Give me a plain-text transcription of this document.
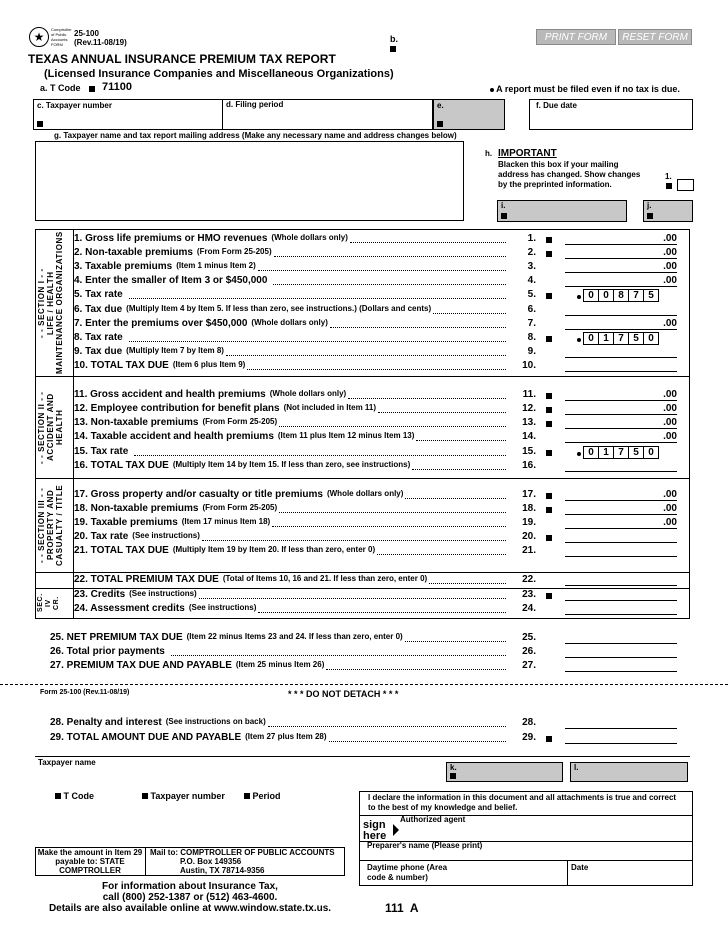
★
Comptroller of Public Accounts FORM
25-100
(Rev.11-08/19)	b.	PRINT FORM	RESET FORM
TEXAS ANNUAL INSURANCE PREMIUM TAX REPORT
(Licensed Insurance Companies and Miscellaneous Organizations)
a. T Code 71100	A report must be filed even if no tax is due.
c. Taxpayer number	d. Filing period	e.	f. Due date
g. Taxpayer name and tax report mailing address (Make any necessary name and address changes below)
h. IMPORTANT
Blacken this box if your mailing address has changed. Show changes by the preprinted information.
1.
i.	j.
- - SECTION I - -
LIFE / HEALTH
MAINTENANCE ORGANIZATIONS
- - SECTION II - -
ACCIDENT AND
HEALTH
- - SECTION III - -
PROPERTY AND
CASUALTY / TITLE
SEC.
IV
CR.
1. Gross life premiums or HMO revenues (Whole dollars only)	1.	.00
2. Non-taxable premiums (From Form 25-205)	2.	.00
3. Taxable premiums (Item 1 minus Item 2)	3.	.00
4. Enter the smaller of Item 3 or $450,000	4.	.00
5. Tax rate	5.	0 0 8 7 5
6. Tax due (Multiply Item 4 by Item 5. If less than zero, see instructions.) (Dollars and cents)	6.
7. Enter the premiums over $450,000 (Whole dollars only)	7.	.00
8. Tax rate	8.	0 1 7 5 0
9. Tax due (Multiply Item 7 by Item 8)	9.
10. TOTAL TAX DUE (Item 6 plus Item 9)	10.
11. Gross accident and health premiums (Whole dollars only)	11.	.00
12. Employee contribution for benefit plans (Not included in Item 11)	12.	.00
13. Non-taxable premiums (From Form 25-205)	13.	.00
14. Taxable accident and health premiums (Item 11 plus Item 12 minus Item 13)	14.	.00
15. Tax rate	15.	0 1 7 5 0
16. TOTAL TAX DUE (Multiply Item 14 by Item 15. If less than zero, see instructions)	16.
17. Gross property and/or casualty or title premiums (Whole dollars only)	17.	.00
18. Non-taxable premiums (From Form 25-205)	18.	.00
19. Taxable premiums (Item 17 minus Item 18)	19.	.00
20. Tax rate (See instructions)	20.
21. TOTAL TAX DUE (Multiply Item 19 by Item 20. If less than zero, enter 0)	21.
22. TOTAL PREMIUM TAX DUE (Total of Items 10, 16 and 21. If less than zero, enter 0)	22.
23. Credits (See instructions)	23.
24. Assessment credits (See instructions)	24.
25. NET PREMIUM TAX DUE (Item 22 minus Items 23 and 24. If less than zero, enter 0)	25.
26. Total prior payments	26.
27. PREMIUM TAX DUE AND PAYABLE (Item 25 minus Item 26)	27.
28. Penalty and interest (See instructions on back)	28.
29. TOTAL AMOUNT DUE AND PAYABLE (Item 27 plus Item 28)	29.
Form 25-100 (Rev.11-08/19)	* * * DO NOT DETACH * * *
Taxpayer name
k.	l.
T Code	Taxpayer number	Period	I declare the information in this document and all attachments is true and correct to the best of my knowledge and belief.
Authorized agent
sign here
Preparer's name (Please print)
Daytime phone (Area code & number)
Date
Make the amount in Item 29 payable to: STATE COMPTROLLER
Mail to: COMPTROLLER OF PUBLIC ACCOUNTS
P.O. Box 149356
Austin, TX 78714-9356
For information about Insurance Tax,
call (800) 252-1387 or (512) 463-4600.
Details are also available online at www.window.state.tx.us.	111  A
